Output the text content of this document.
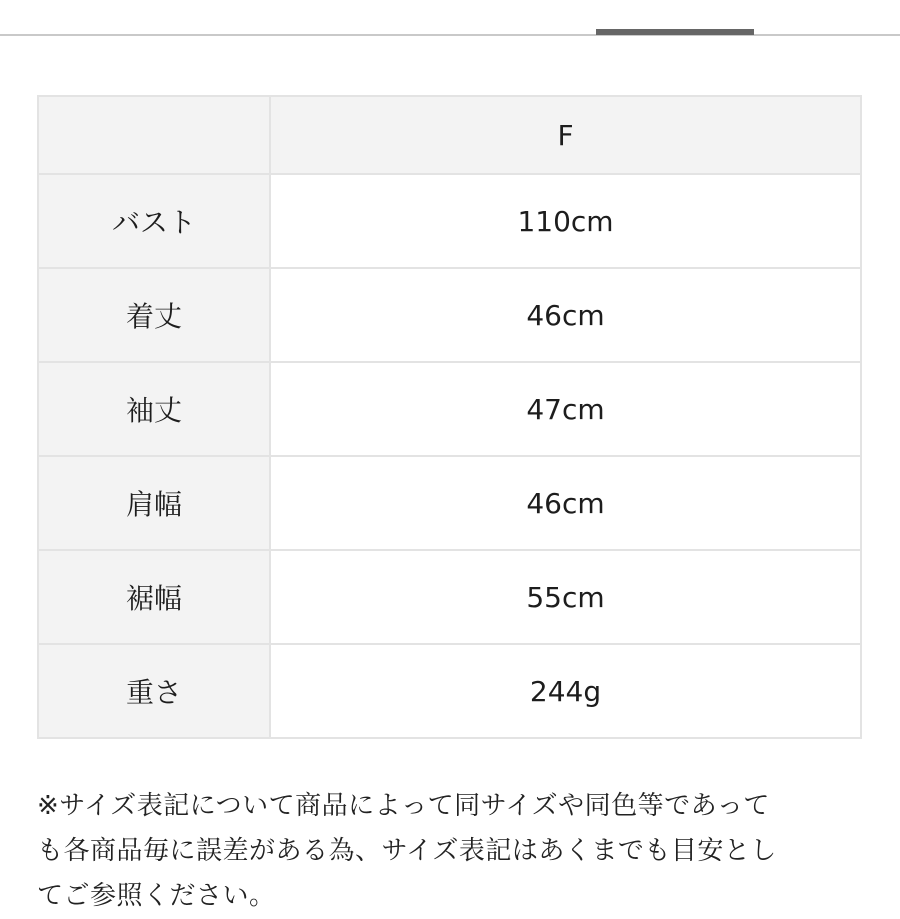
	F
バスト	110cm
着丈	46cm
袖丈	47cm
肩幅	46cm
裾幅	55cm
重さ	244g
※サイズ表記について商品によって同サイズや同色等であって
も各商品毎に誤差がある為、サイズ表記はあくまでも目安とし
てご参照ください。
